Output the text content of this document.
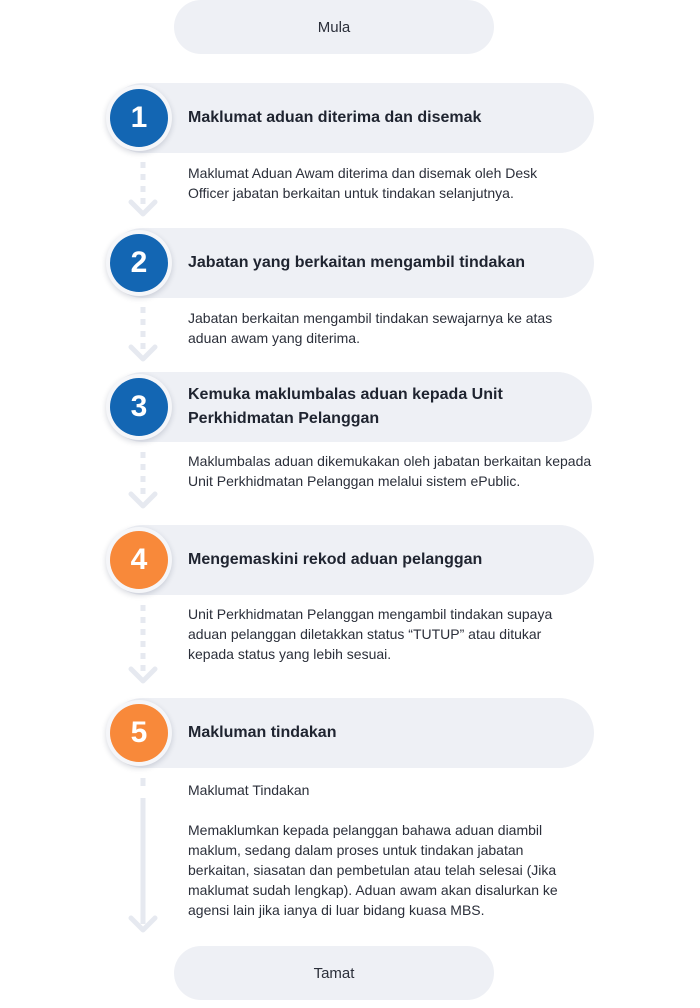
Mula
1	Maklumat aduan diterima dan disemak

Maklumat Aduan Awam diterima dan disemak oleh Desk Officer jabatan berkaitan untuk tindakan selanjutnya.

2	Jabatan yang berkaitan mengambil tindakan

Jabatan berkaitan mengambil tindakan sewajarnya ke atas aduan awam yang diterima.

3	Kemuka maklumbalas aduan kepada Unit Perkhidmatan Pelanggan

Maklumbalas aduan dikemukakan oleh jabatan berkaitan kepada Unit Perkhidmatan Pelanggan melalui sistem ePublic.

4	Mengemaskini rekod aduan pelanggan

Unit Perkhidmatan Pelanggan mengambil tindakan supaya aduan pelanggan diletakkan status “TUTUP” atau ditukar kepada status yang lebih sesuai.

5	Makluman tindakan

Maklumat Tindakan

Memaklumkan kepada pelanggan bahawa aduan diambil maklum, sedang dalam proses untuk tindakan jabatan berkaitan, siasatan dan pembetulan atau telah selesai (Jika maklumat sudah lengkap). Aduan awam akan disalurkan ke agensi lain jika ianya di luar bidang kuasa MBS.

Tamat
